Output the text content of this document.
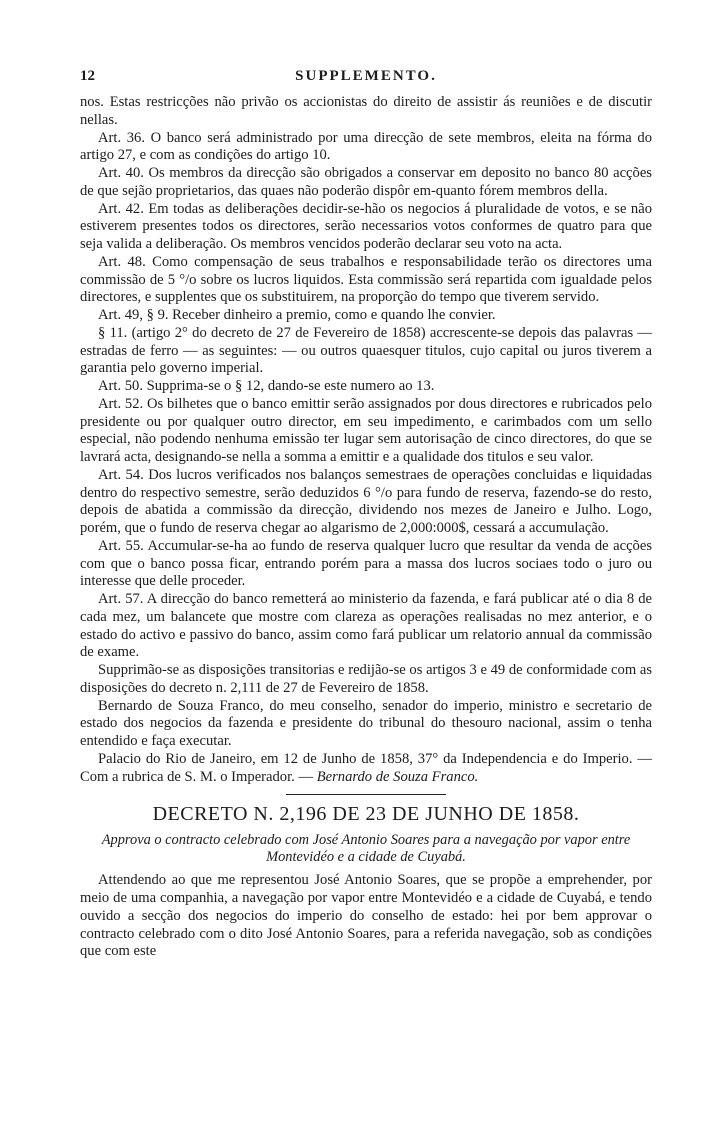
12	SUPPLEMENTO.

nos. Estas restricções não privão os accionistas do direito de assistir ás reuniões e de discutir nellas.

Art. 36. O banco será administrado por uma direcção de sete membros, eleita na fórma do artigo 27, e com as condições do artigo 10.

Art. 40. Os membros da direcção são obrigados a conservar em deposito no banco 80 acções de que sejão proprietarios, das quaes não poderão dispôr em-quanto fórem membros della.

Art. 42. Em todas as deliberações decidir-se-hão os negocios á pluralidade de votos, e se não estiverem presentes todos os directores, serão necessarios votos conformes de quatro para que seja valida a deliberação. Os membros vencidos poderão declarar seu voto na acta.

Art. 48. Como compensação de seus trabalhos e responsabilidade terão os directores uma commissão de 5 °/o sobre os lucros liquidos. Esta commissão será repartida com igualdade pelos directores, e supplentes que os substituirem, na proporção do tempo que tiverem servido.

Art. 49, § 9. Receber dinheiro a premio, como e quando lhe convier.

§ 11. (artigo 2° do decreto de 27 de Fevereiro de 1858) accrescente-se depois das palavras — estradas de ferro — as seguintes: — ou outros quaesquer titulos, cujo capital ou juros tiverem a garantia pelo governo imperial.

Art. 50. Supprima-se o § 12, dando-se este numero ao 13.

Art. 52. Os bilhetes que o banco emittir serão assignados por dous directores e rubricados pelo presidente ou por qualquer outro director, em seu impedimento, e carimbados com um sello especial, não podendo nenhuma emissão ter lugar sem autorisação de cinco directores, do que se lavrará acta, designando-se nella a somma a emittir e a qualidade dos titulos e seu valor.

Art. 54. Dos lucros verificados nos balanços semestraes de operações concluidas e liquidadas dentro do respectivo semestre, serão deduzidos 6 °/o para fundo de reserva, fazendo-se do resto, depois de abatida a commissão da direcção, dividendo nos mezes de Janeiro e Julho. Logo, porém, que o fundo de reserva chegar ao algarismo de 2,000:000$, cessará a accumulação.

Art. 55. Accumular-se-ha ao fundo de reserva qualquer lucro que resultar da venda de acções com que o banco possa ficar, entrando porém para a massa dos lucros sociaes todo o juro ou interesse que delle proceder.

Art. 57. A direcção do banco remetterá ao ministerio da fazenda, e fará publicar até o dia 8 de cada mez, um balancete que mostre com clareza as operações realisadas no mez anterior, e o estado do activo e passivo do banco, assim como fará publicar um relatorio annual da commissão de exame.

Supprimão-se as disposições transitorias e redijão-se os artigos 3 e 49 de conformidade com as disposições do decreto n. 2,111 de 27 de Fevereiro de 1858.

Bernardo de Souza Franco, do meu conselho, senador do imperio, ministro e secretario de estado dos negocios da fazenda e presidente do tribunal do thesouro nacional, assim o tenha entendido e faça executar.

Palacio do Rio de Janeiro, em 12 de Junho de 1858, 37° da Independencia e do Imperio. — Com a rubrica de S. M. o Imperador. — Bernardo de Souza Franco.

DECRETO N. 2,196 DE 23 DE JUNHO DE 1858.
Approva o contracto celebrado com José Antonio Soares para a navegação por vapor entre Montevidéo e a cidade de Cuyabá.

Attendendo ao que me representou José Antonio Soares, que se propõe a emprehender, por meio de uma companhia, a navegação por vapor entre Montevidéo e a cidade de Cuyabá, e tendo ouvido a secção dos negocios do imperio do conselho de estado: hei por bem approvar o contracto celebrado com o dito José Antonio Soares, para a referida navegação, sob as condições que com este
